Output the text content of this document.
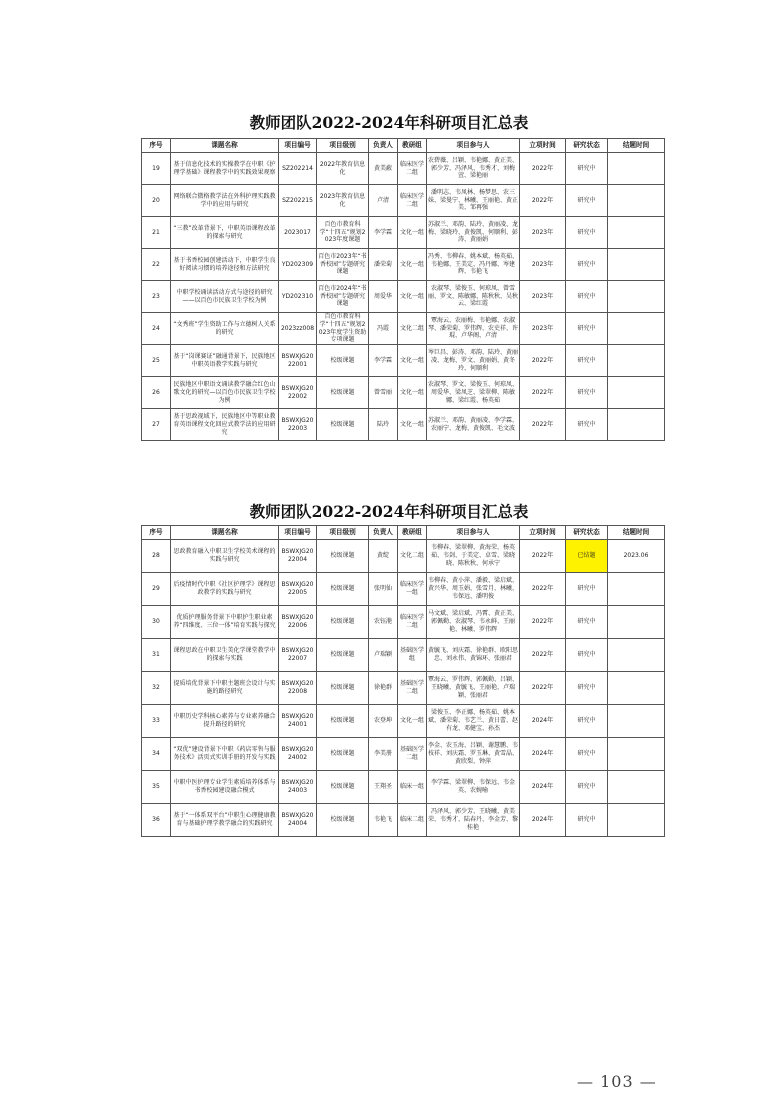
教师团队2022-2024年科研项目汇总表
序号	课题名称	项目编号	项目级别	负责人	教研组	项目参与人	立项时间	研究状态	结题时间
19	基于信息化技术的实操教学在中职《护理学基础》课程教学中的实践效果观察	SZ202214	2022年教育信息化	黄美蔽	临床医学二组	农碧薇、吕颖、韦艳娜、黄正美、郭少芳、冯泽风、韦秀才、刘梅萱、梁艳丽	2022年	研究中	
20	网络联合微格教学法在外科护理实践教学中的应用与研究	SZ202215	2023年教育信息化	卢清	临床医学二组	潘明志、韦凤林、杨梦思、农三妹、梁曼宁、林曦、王丽艳、黄正美、邹再强	2022年	研究中	
21	“三教”改革背景下，中职英语课程改革的探索与研究	2023017	百色市教育科学“十四五”规划2023年度课题	李学霖	文化一组	苏淑兰、邓韵、陆玲、黄丽凌、龙梅、梁晓玲、黄俊凯、何顺利、彭涛、黄丽娟	2023年	研究中	
22	基于书香校园创建活动下，中职学生良好阅读习惯的培养途径和方法研究	YD202309	百色市2023年“书香校园”专题研究课题	潘荣菊	文化一组	冯秀、韦柳春、姚本斌、杨英茹、韦艳娜、王美定、冯丹娜、岑建辉、韦艳飞	2023年	研究中	
23	中职学校诵读活动方式与途径的研究——以百色市民族卫生学校为例	YD202310	百色市2024年“书香校园”专题研究课题	周爱华	文化一组	农淑琴、梁俊玉、何琼凤、曾雪丽、罗文、陈敏娜、陈秋秋、吴秋云、梁红霞	2023年	研究中	
24	“文秀班”学生资助工作与立德树人关系的研究	2023zz008	百色市教育科学“十四五”规划2023年度学生资助专项课题	冯霞	文化二组	覃海云、农丽梅、韦艳娜、农淑琴、潘荣菊、罗伟辉、农史祥、许琨、卢华阁、卢清	2023年	研究中	
25	基于“岗课赛证”融通背景下，民族地区中职英语教学实践与研究	BSWXJG2022001	校级课题	李学霖	文化一组	岑巨昌、彭涛、邓韵、陆玲、黄丽凌、龙梅、罗文、黄丽娟、黄冬玲、何顺利	2022年	研究中	
26	民族地区中职语文诵读教学融合红色山歌文化的研究—以百色市民族卫生学校为例	BSWXJG2022002	校级课题	曾雪丽	文化一组	农淑琴、罗文、梁俊玉、何琼凤、周爱华、梁凤芝、梁翠柳、陈敏娜、梁红霞、杨英茹	2022年	研究中	
27	基于思政视域下，民族地区中等职业教育英语课程文化回应式教学法的应用研究	BSWXJG2022003	校级课题	陆玲	文化一组	苏淑兰、邓韵、黄丽凌、李学霖、农丽宁、龙梅、黄俊凯、毛文波	2022年	研究中	
教师团队2022-2024年科研项目汇总表
序号	课题名称	项目编号	项目级别	负责人	教研组	项目参与人	立项时间	研究状态	结题时间
28	思政教育融入中职卫生学校美术课程的实践与研究	BSWXJG2022004	校级课题	黄绽	文化二组	韦柳春、梁翠柳、黄海荣、杨英茹、韦剑、于美定、卓雪、梁晓晓、陈秋秋、何承宁	2022年	已结题	2023.06
29	后疫情时代中职《社区护理学》课程思政教学的实践与研究	BSWXJG2022005	校级课题	张明仙	临床医学一组	韦柳春、黄小萍、潘毅、梁启斌、黄兴华、周玉娟、张雪月、林曦、韦保远、潘明俊	2022年	研究中	
30	优质护理服务背景下中职护生职业素养“四维度、三位一体”培育实践与探究	BSWXJG2022006	校级课题	农钰滟	临床医学二组	马文斌、梁启斌、冯霄、黄正美、郭佩勤、农淑琴、韦永鲜、王丽艳、林曦、罗伟辉	2022年	研究中	
31	课程思政在中职卫生美化学课堂教学中的探索与实践	BSWXJG2022007	校级课题	卢瑞颖	基础医学组	黄毓飞、刘庆霜、徐艳群、欧阳思忠、刘永伟、黄锦环、张丽君	2022年	研究中	
32	提质培优背景下中职主题班会设计与实施的路径研究	BSWXJG2022008	校级课题	徐艳群	基础医学二组	覃海云、罗伟辉、郭佩勤、吕颖、王晓曦、黄毓飞、王丽艳、卢瑞颖、张丽君	2022年	研究中	
33	中职历史学科核心素养与专业素养融合提升路径的研究	BSWXJG2024001	校级课题	农登坤	文化一组	梁俊玉、李正娜、杨英茹、姚本斌、潘荣菊、韦艺兰、黄日蕾、赵有龙、邓健宝、孙杰	2024年	研究中	
34	“双优”建设背景下中职《药店零售与服务技术》活页式实训手册的开发与实践	BSWXJG2024002	校级课题	李美册	基础医学二组	李金、农玉海、吕颖、谢慧鹏、韦枝祥、刘庆霜、罗玉琳、黄雪晶、黄欣梨、钟萍	2024年	研究中	
35	中职中医护理专业学生素质培养体系与书香校园建设融合模式	BSWXJG2024003	校级课题	王翔圣	临床一组	李学霖、梁翠柳、韦保远、韦金英、农婉喻	2024年	研究中	
36	基于“一体系双平台”中职生心理健康教育与基础护理学教学融合的实践研究	BSWXJG2024004	校级课题	韦艳飞	临床二组	冯泽风、郭少芳、王晓曦、黄美荣、韦秀才、陆春丹、李金芳、黎桂艳	2024年	研究中	
— 103 —
